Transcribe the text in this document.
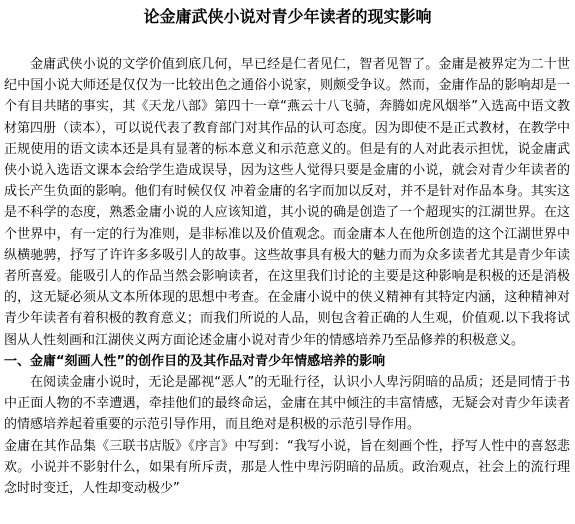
论金庸武侠小说对青少年读者的现实影响

金庸武侠小说的文学价值到底几何，早已经是仁者见仁，智者见智了。金庸是被界定为二十世纪中国小说大师还是仅仅为一比较出色之通俗小说家，则颇受争议。然而，金庸作品的影响却是一个有目共睹的事实，其《天龙八部》第四十一章“燕云十八飞骑，奔腾如虎风烟举”入选高中语文教材第四册（读本），可以说代表了教育部门对其作品的认可态度。因为即使不是正式教材，在教学中正规使用的语文读本还是具有显著的标本意义和示范意义的。但是有的人对此表示担忧，说金庸武侠小说入选语文课本会给学生造成误导，因为这些人觉得只要是金庸的小说，就会对青少年读者的成长产生负面的影响。他们有时候仅仅 冲着金庸的名字而加以反对，并不是针对作品本身。其实这是不科学的态度，熟悉金庸小说的人应该知道，其小说的确是创造了一个超现实的江湖世界。在这个世界中，有一定的行为准则，是非标准以及价值观念。而金庸本人在他所创造的这个江湖世界中纵横驰骋，抒写了许许多多吸引人的故事。这些故事具有极大的魅力而为众多读者尤其是青少年读者所喜爱。能吸引人的作品当然会影响读者，在这里我们讨论的主要是这种影响是积极的还是消极的，这无疑必须从文本所体现的思想中考查。在金庸小说中的侠义精神有其特定内涵，这种精神对青少年读者有着积极的教育意义；而我们所说的人品，则包含着正确的人生观，价值观.以下我将试图从人性刻画和江湖侠义两方面论述金庸小说对青少年的情感培养乃至品修养的积极意义。

一、金庸“刻画人性”的创作目的及其作品对青少年情感培养的影响

在阅读金庸小说时，无论是鄙视“恶人”的无耻行径，认识小人卑污阴暗的品质；还是同情于书中正面人物的不幸遭遇，牵挂他们的最终命运，金庸在其中倾注的丰富情感，无疑会对青少年读者的情感培养起着重要的示范引导作用，而且绝对是积极的示范引导作用。

金庸在其作品集《三联书店版》《序言》中写到：“我写小说，旨在刻画个性，抒写人性中的喜怒悲欢。小说并不影射什么，如果有所斥责，那是人性中卑污阴暗的品质。政治观点，社会上的流行理念时时变迁，人性却变动极少”
